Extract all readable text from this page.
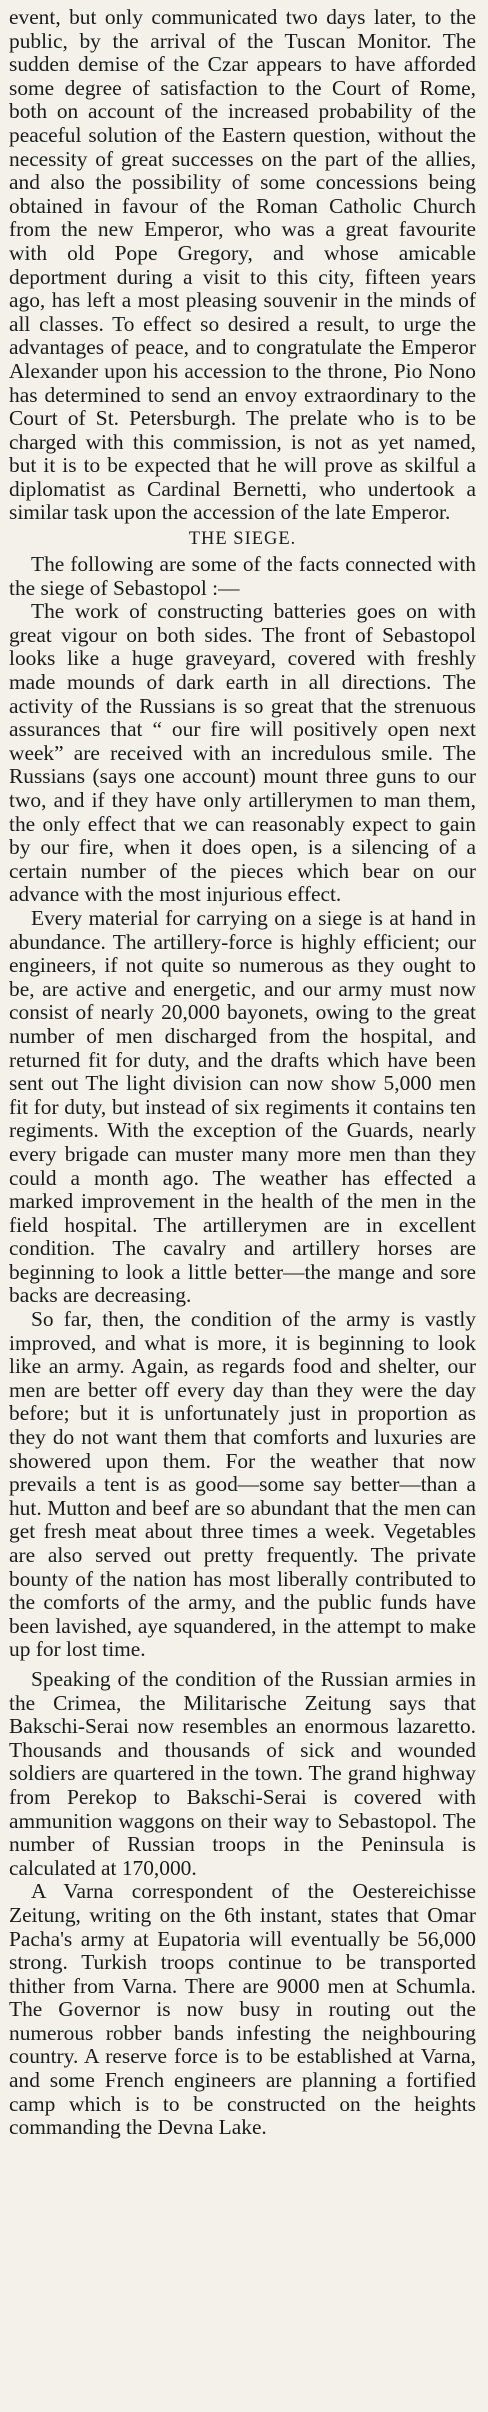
event, but only communicated two days later, to the public, by the arrival of the Tuscan Monitor. The sudden demise of the Czar appears to have afforded some degree of satisfaction to the Court of Rome, both on account of the increased probability of the peaceful solution of the Eastern question, without the necessity of great successes on the part of the allies, and also the possibility of some concessions being obtained in favour of the Roman Catholic Church from the new Emperor, who was a great favourite with old Pope Gregory, and whose amicable deportment during a visit to this city, fifteen years ago, has left a most pleasing souvenir in the minds of all classes. To effect so desired a result, to urge the advantages of peace, and to congratulate the Emperor Alexander upon his accession to the throne, Pio Nono has determined to send an envoy extraordinary to the Court of St. Petersburgh. The prelate who is to be charged with this commission, is not as yet named, but it is to be expected that he will prove as skilful a diplomatist as Cardinal Bernetti, who undertook a similar task upon the accession of the late Emperor.

THE SIEGE.

The following are some of the facts connected with the siege of Sebastopol :—

The work of constructing batteries goes on with great vigour on both sides. The front of Sebastopol looks like a huge graveyard, covered with freshly made mounds of dark earth in all directions. The activity of the Russians is so great that the strenuous assurances that “ our fire will positively open next week” are received with an incredulous smile. The Russians (says one account) mount three guns to our two, and if they have only artillerymen to man them, the only effect that we can reasonably expect to gain by our fire, when it does open, is a silencing of a certain number of the pieces which bear on our advance with the most injurious effect.

Every material for carrying on a siege is at hand in abundance. The artillery-force is highly efficient; our engineers, if not quite so numerous as they ought to be, are active and energetic, and our army must now consist of nearly 20,000 bayonets, owing to the great number of men discharged from the hospital, and returned fit for duty, and the drafts which have been sent out The light division can now show 5,000 men fit for duty, but instead of six regiments it contains ten regiments. With the exception of the Guards, nearly every brigade can muster many more men than they could a month ago. The weather has effected a marked improvement in the health of the men in the field hospital. The artillerymen are in excellent condition. The cavalry and artillery horses are beginning to look a little better—the mange and sore backs are decreasing.

So far, then, the condition of the army is vastly improved, and what is more, it is beginning to look like an army. Again, as regards food and shelter, our men are better off every day than they were the day before; but it is unfortunately just in proportion as they do not want them that comforts and luxuries are showered upon them. For the weather that now prevails a tent is as good—some say better—than a hut. Mutton and beef are so abundant that the men can get fresh meat about three times a week. Vegetables are also served out pretty frequently. The private bounty of the nation has most liberally contributed to the comforts of the army, and the public funds have been lavished, aye squandered, in the attempt to make up for lost time.

Speaking of the condition of the Russian armies in the Crimea, the Militarische Zeitung says that Bakschi-Serai now resembles an enormous lazaretto. Thousands and thousands of sick and wounded soldiers are quartered in the town. The grand highway from Perekop to Bakschi-Serai is covered with ammunition waggons on their way to Sebastopol. The number of Russian troops in the Peninsula is calculated at 170,000.

A Varna correspondent of the Oestereichisse Zeitung, writing on the 6th instant, states that Omar Pacha's army at Eupatoria will eventually be 56,000 strong. Turkish troops continue to be transported thither from Varna. There are 9000 men at Schumla. The Governor is now busy in routing out the numerous robber bands infesting the neighbouring country. A reserve force is to be established at Varna, and some French engineers are planning a fortified camp which is to be constructed on the heights commanding the Devna Lake.
